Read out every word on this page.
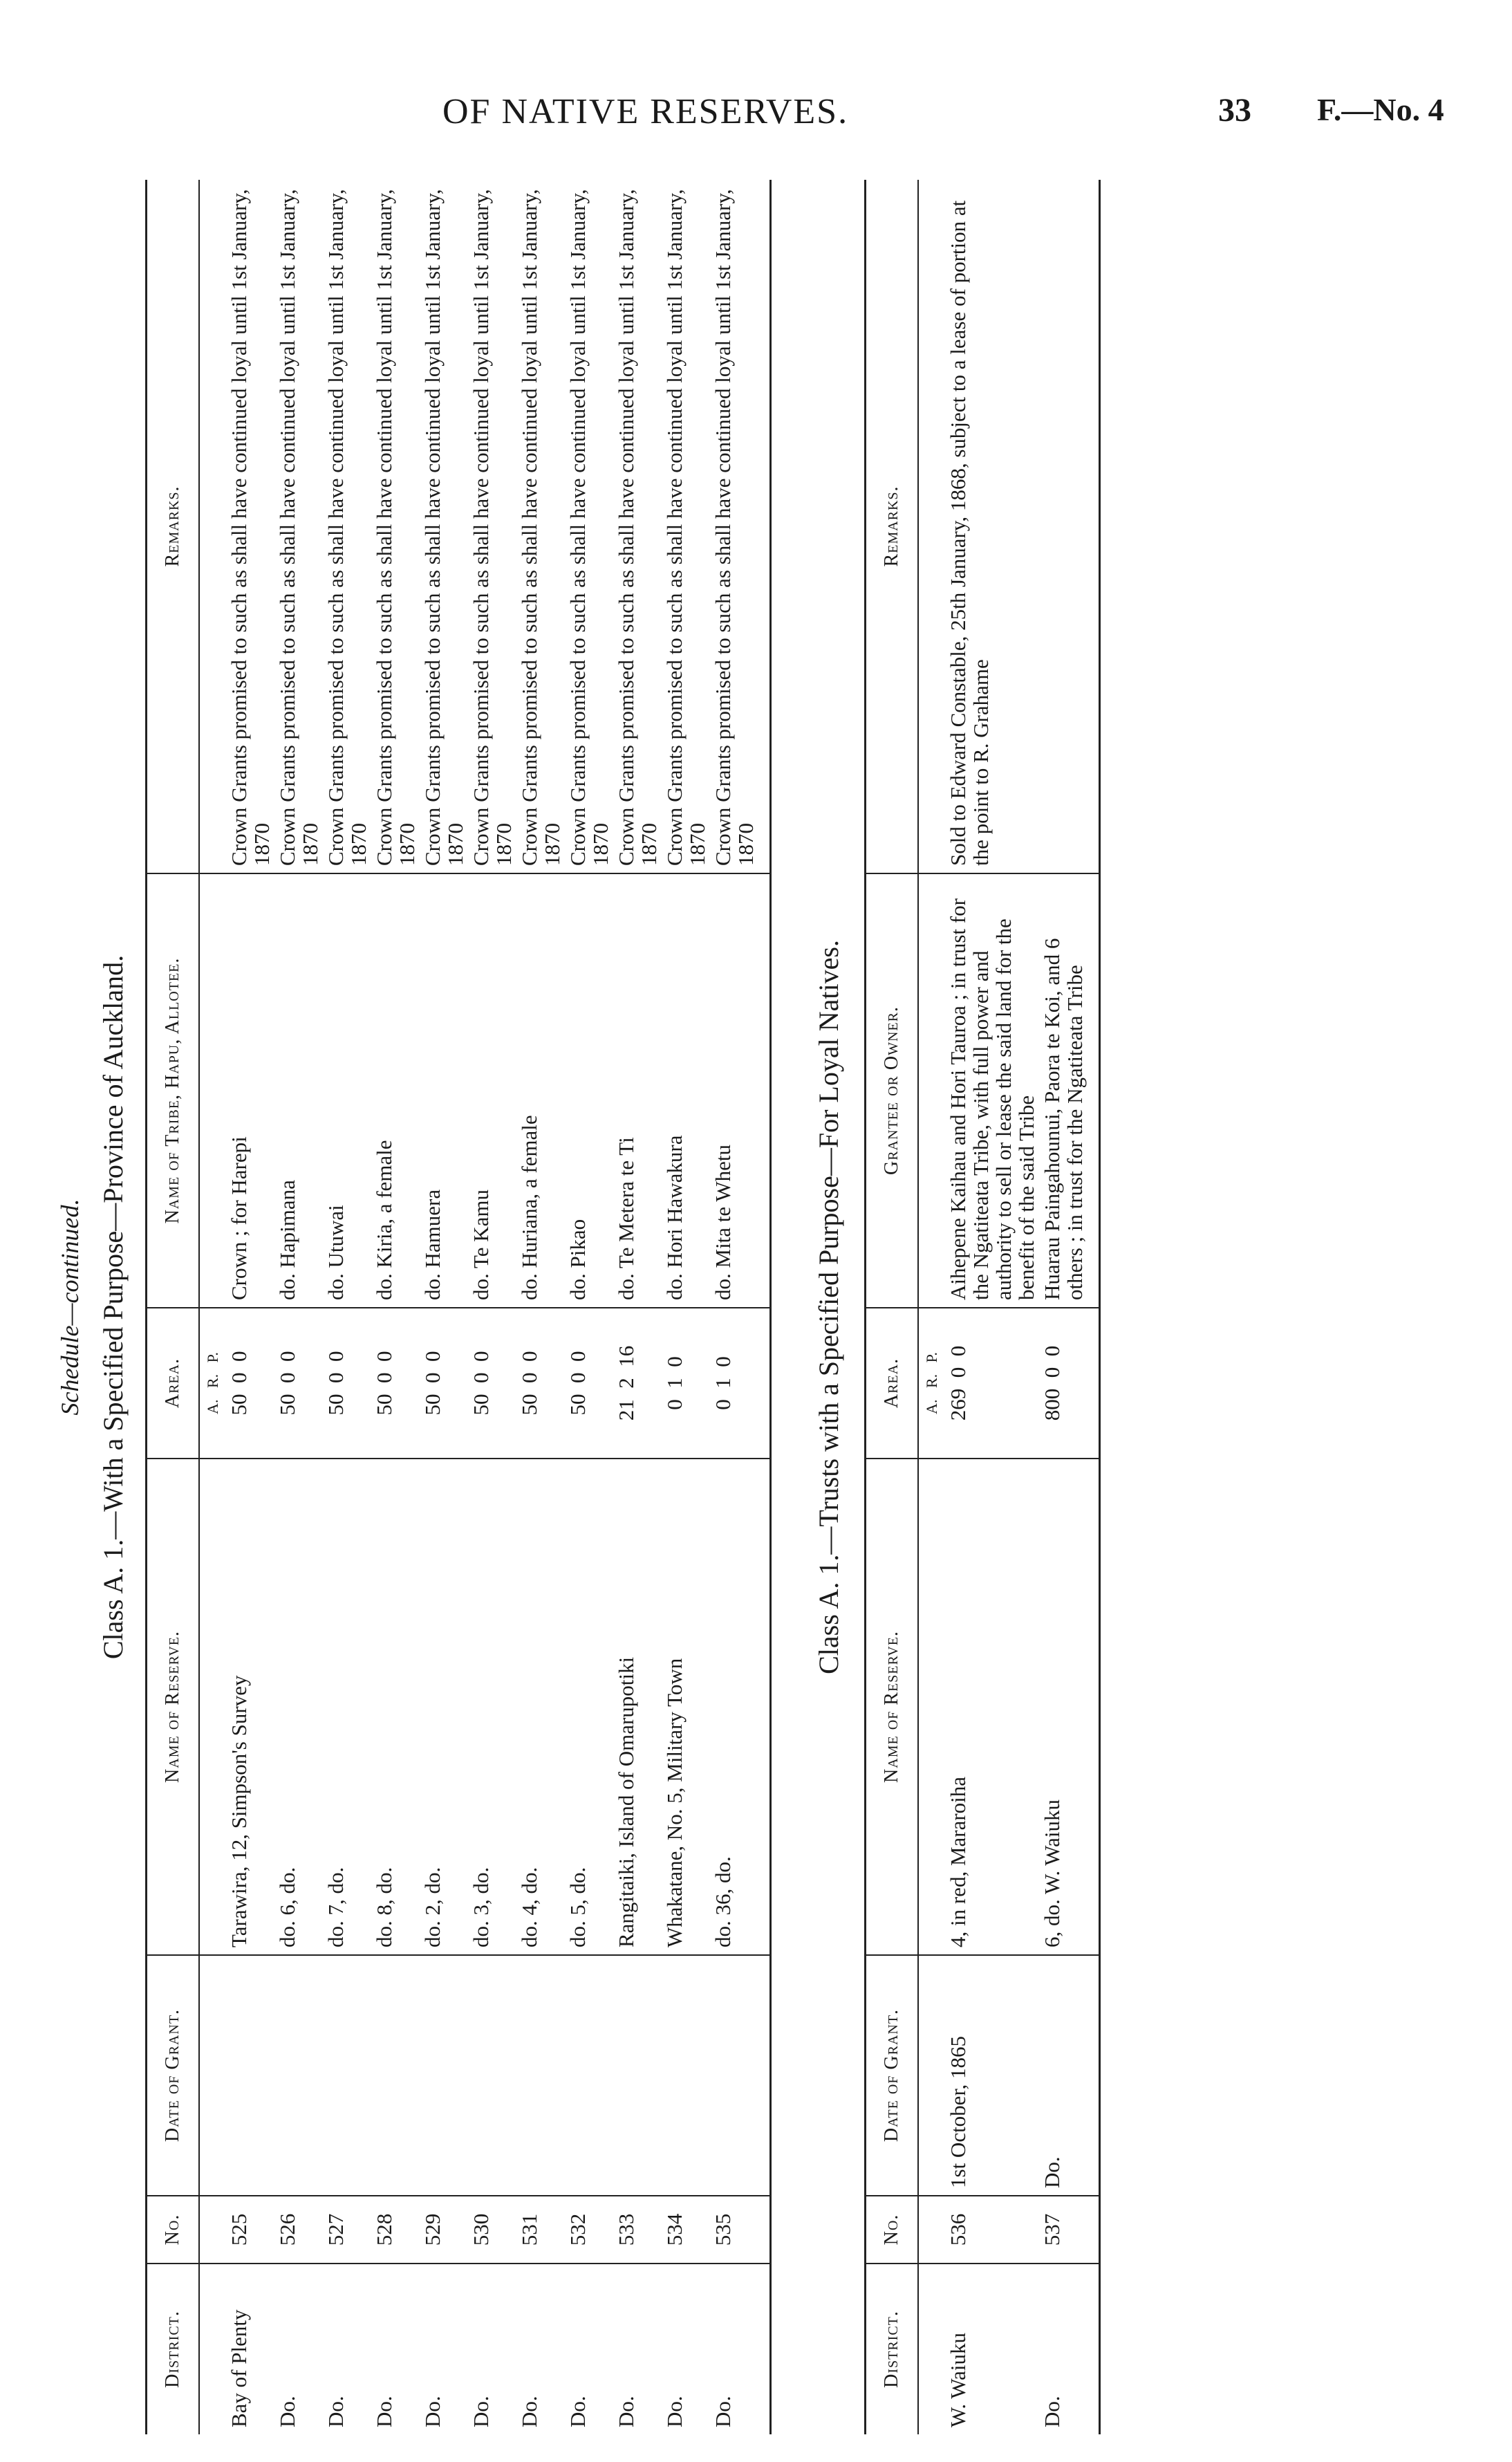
OF NATIVE RESERVES.	33 F.—No. 4
Schedule—continued. Class A. 1.—With a Specified Purpose—Province of Auckland.
District.	No.	Date of Grant.	Name of Reserve.	Area.	Name of Tribe, Hapu, Allotee.	Remarks.
				A.   R.   P.		
Bay of Plenty	525		Tarawira, 12, Simpson's Survey	50  0  0	Crown ; for Harepi	Crown Grants promised to such as shall have continued loyal until 1st January, 1870
Do.	526		do. 6, do.	50  0  0	do. Hapimana	Crown Grants promised to such as shall have continued loyal until 1st January, 1870
Do.	527		do. 7, do.	50  0  0	do. Utuwai	Crown Grants promised to such as shall have continued loyal until 1st January, 1870
Do.	528		do. 8, do.	50  0  0	do. Kiria, a female	Crown Grants promised to such as shall have continued loyal until 1st January, 1870
Do.	529		do. 2, do.	50  0  0	do. Hamuera	Crown Grants promised to such as shall have continued loyal until 1st January, 1870
Do.	530		do. 3, do.	50  0  0	do. Te Kamu	Crown Grants promised to such as shall have continued loyal until 1st January, 1870
Do.	531		do. 4, do.	50  0  0	do. Huriana, a female	Crown Grants promised to such as shall have continued loyal until 1st January, 1870
Do.	532		do. 5, do.	50  0  0	do. Pikao	Crown Grants promised to such as shall have continued loyal until 1st January, 1870
Do.	533		Rangitaiki, Island of Omarupotiki	21  2  16	do. Te Metera te Ti	Crown Grants promised to such as shall have continued loyal until 1st January, 1870
Do.	534		Whakatane, No. 5, Military Town	0  1  0	do. Hori Hawakura	Crown Grants promised to such as shall have continued loyal until 1st January, 1870
Do.	535		do. 36, do.	0  1  0	do. Mita te Whetu	Crown Grants promised to such as shall have continued loyal until 1st January, 1870
Class A. 1.—Trusts with a Specified Purpose—For Loyal Natives.
District.	No.	Date of Grant.	Name of Reserve.	Area.	Grantee or Owner.	Remarks.
				A.   R.   P.		
W. Waiuku	536	1st October, 1865	4, in red, Mararoiha	269  0  0	Aihepene Kaihau and Hori Tauroa ; in trust for the Ngatiteata Tribe, with full power and authority to sell or lease the said land for the benefit of the said Tribe	Sold to Edward Constable, 25th January, 1868, subject to a lease of portion at the point to R. Grahame
Do.	537	Do.	6, do. W. Waiuku	800  0  0	Huarau Paingahounui, Paora te Koi, and 6 others ; in trust for the Ngatiteata Tribe	
